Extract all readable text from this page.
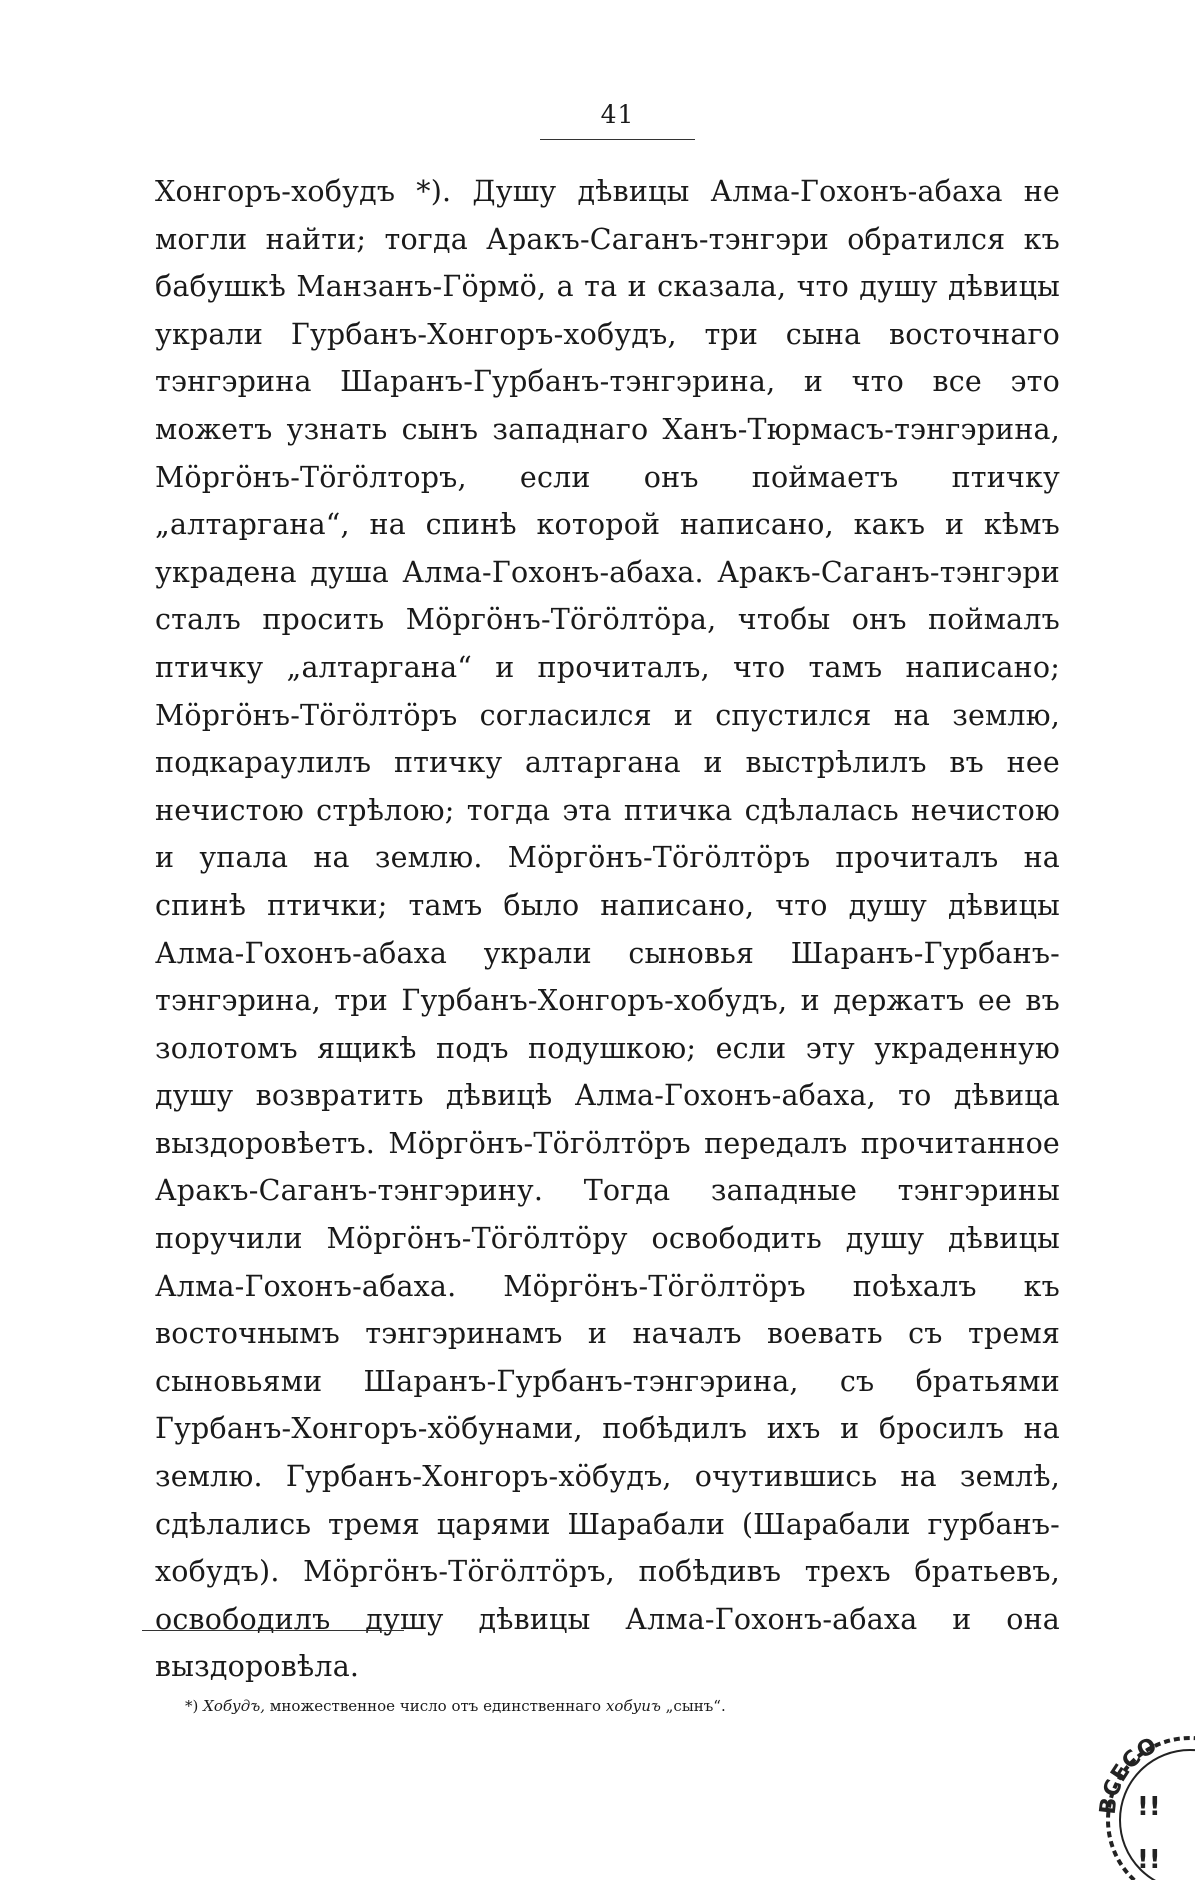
41

Хонгоръ-хобудъ *). Душу дѣвицы Алма-Гохонъ-абаха не могли найти; тогда Аракъ-Саганъ-тэнгэри обратился къ бабушкѣ Манзанъ-Гöрмö, а та и сказала, что душу дѣвицы украли Гурбанъ-Хонгоръ-хобудъ, три сына восточнаго тэнгэрина Шаранъ-Гурбанъ-тэнгэрина, и что все это можетъ узнать сынъ западнаго Ханъ-Тюрмасъ-тэнгэрина, Мöргöнъ-Тöгöлторъ, если онъ поймаетъ птичку „алтаргана“, на спинѣ которой написано, какъ и кѣмъ украдена душа Алма-Гохонъ-абаха. Аракъ-Саганъ-тэнгэри сталъ просить Мöргöнъ-Тöгöлтöра, чтобы онъ поймалъ птичку „алтаргана“ и прочиталъ, что тамъ написано; Мöргöнъ-Тöгöлтöръ согласился и спустился на землю, подкараулилъ птичку алтаргана и выстрѣлилъ въ нее нечистою стрѣлою; тогда эта птичка сдѣлалась нечистою и упала на землю. Мöргöнъ-Тöгöлтöръ прочиталъ на спинѣ птички; тамъ было написано, что душу дѣвицы Алма-Гохонъ-абаха украли сыновья Шаранъ-Гурбанъ-тэнгэрина, три Гурбанъ-Хонгоръ-хобудъ, и держатъ ее въ золотомъ ящикѣ подъ подушкою; если эту украденную душу возвратить дѣвицѣ Алма-Гохонъ-абаха, то дѣвица выздоровѣетъ. Мöргöнъ-Тöгöлтöръ передалъ прочитанное Аракъ-Саганъ-тэнгэрину. Тогда западные тэнгэрины поручили Мöргöнъ-Тöгöлтöру освободить душу дѣвицы Алма-Гохонъ-абаха. Мöргöнъ-Тöгöлтöръ поѣхалъ къ восточнымъ тэнгэринамъ и началъ воевать съ тремя сыновьями Шаранъ-Гурбанъ-тэнгэрина, съ братьями Гурбанъ-Хонгоръ-хöбунами, побѣдилъ ихъ и бросилъ на землю. Гурбанъ-Хонгоръ-хöбудъ, очутившись на землѣ, сдѣлались тремя царями Шарабали (Шарабали гурбанъ-хобудъ). Мöргöнъ-Тöгöлтöръ, побѣдивъ трехъ братьевъ, освободилъ душу дѣвицы Алма-Гохонъ-абаха и она выздоровѣла.

*) Хобудъ, множественное число отъ единственнаго хобуиъ „сынъ“.
ВСЕСО
!!
!!
